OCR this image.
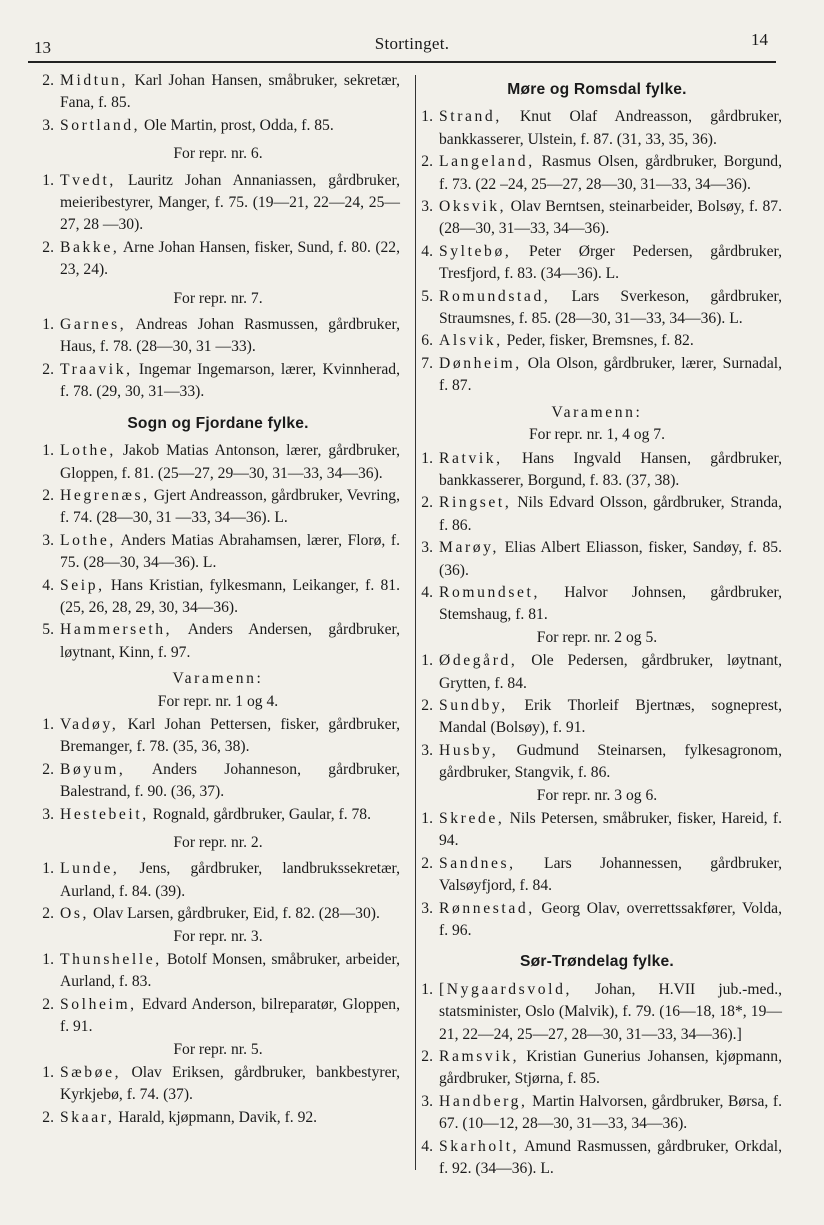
13	Stortinget.	14
2. Midtun, Karl Johan Hansen, småbruker, sekretær, Fana, f. 85.
3. Sortland, Ole Martin, prost, Odda, f. 85.
For repr. nr. 6.
1. Tvedt, Lauritz Johan Annaniassen, gårdbruker, meieribestyrer, Manger, f. 75. (19—21, 22—24, 25—27, 28 —30).
2. Bakke, Arne Johan Hansen, fisker, Sund, f. 80. (22, 23, 24).
For repr. nr. 7.
1. Garnes, Andreas Johan Rasmussen, gårdbruker, Haus, f. 78. (28—30, 31 —33).
2. Traavik, Ingemar Ingemarson, lærer, Kvinnherad, f. 78. (29, 30, 31—33).
Sogn og Fjordane fylke.
1. Lothe, Jakob Matias Antonson, lærer, gårdbruker, Gloppen, f. 81. (25—27, 29—30, 31—33, 34—36).
2. Hegrenæs, Gjert Andreasson, gårdbruker, Vevring, f. 74. (28—30, 31 —33, 34—36). L.
3. Lothe, Anders Matias Abrahamsen, lærer, Florø, f. 75. (28—30, 34—36). L.
4. Seip, Hans Kristian, fylkesmann, Leikanger, f. 81. (25, 26, 28, 29, 30, 34—36).
5. Hammerseth, Anders Andersen, gårdbruker, løytnant, Kinn, f. 97.
Varamenn:
For repr. nr. 1 og 4.
1. Vadøy, Karl Johan Pettersen, fisker, gårdbruker, Bremanger, f. 78. (35, 36, 38).
2. Bøyum, Anders Johanneson, gårdbruker, Balestrand, f. 90. (36, 37).
3. Hestebeit, Rognald, gårdbruker, Gaular, f. 78.
For repr. nr. 2.
1. Lunde, Jens, gårdbruker, landbrukssekretær, Aurland, f. 84. (39).
2. Os, Olav Larsen, gårdbruker, Eid, f. 82. (28—30).
For repr. nr. 3.
1. Thunshelle, Botolf Monsen, småbruker, arbeider, Aurland, f. 83.
2. Solheim, Edvard Anderson, bilreparatør, Gloppen, f. 91.
For repr. nr. 5.
1. Sæbøe, Olav Eriksen, gårdbruker, bankbestyrer, Kyrkjebø, f. 74. (37).
2. Skaar, Harald, kjøpmann, Davik, f. 92.
Møre og Romsdal fylke.
1. Strand, Knut Olaf Andreasson, gårdbruker, bankkasserer, Ulstein, f. 87. (31, 33, 35, 36).
2. Langeland, Rasmus Olsen, gårdbruker, Borgund, f. 73. (22 –24, 25—27, 28—30, 31—33, 34—36).
3. Oksvik, Olav Berntsen, steinarbeider, Bolsøy, f. 87. (28—30, 31—33, 34—36).
4. Syltebø, Peter Ørger Pedersen, gårdbruker, Tresfjord, f. 83. (34—36). L.
5. Romundstad, Lars Sverkeson, gårdbruker, Straumsnes, f. 85. (28—30, 31—33, 34—36). L.
6. Alsvik, Peder, fisker, Bremsnes, f. 82.
7. Dønheim, Ola Olson, gårdbruker, lærer, Surnadal, f. 87.
Varamenn:
For repr. nr. 1, 4 og 7.
1. Ratvik, Hans Ingvald Hansen, gårdbruker, bankkasserer, Borgund, f. 83. (37, 38).
2. Ringset, Nils Edvard Olsson, gårdbruker, Stranda, f. 86.
3. Marøy, Elias Albert Eliasson, fisker, Sandøy, f. 85. (36).
4. Romundset, Halvor Johnsen, gårdbruker, Stemshaug, f. 81.
For repr. nr. 2 og 5.
1. Ødegård, Ole Pedersen, gårdbruker, løytnant, Grytten, f. 84.
2. Sundby, Erik Thorleif Bjertnæs, sogneprest, Mandal (Bolsøy), f. 91.
3. Husby, Gudmund Steinarsen, fylkesagronom, gårdbruker, Stangvik, f. 86.
For repr. nr. 3 og 6.
1. Skrede, Nils Petersen, småbruker, fisker, Hareid, f. 94.
2. Sandnes, Lars Johannessen, gårdbruker, Valsøyfjord, f. 84.
3. Rønnestad, Georg Olav, overrettssakfører, Volda, f. 96.
Sør-Trøndelag fylke.
1. [Nygaardsvold, Johan, H.VII jub.-med., statsminister, Oslo (Malvik), f. 79. (16—18, 18*, 19—21, 22—24, 25—27, 28—30, 31—33, 34—36).]
2. Ramsvik, Kristian Gunerius Johansen, kjøpmann, gårdbruker, Stjørna, f. 85.
3. Handberg, Martin Halvorsen, gårdbruker, Børsa, f. 67. (10—12, 28—30, 31—33, 34—36).
4. Skarholt, Amund Rasmussen, gårdbruker, Orkdal, f. 92. (34—36). L.
